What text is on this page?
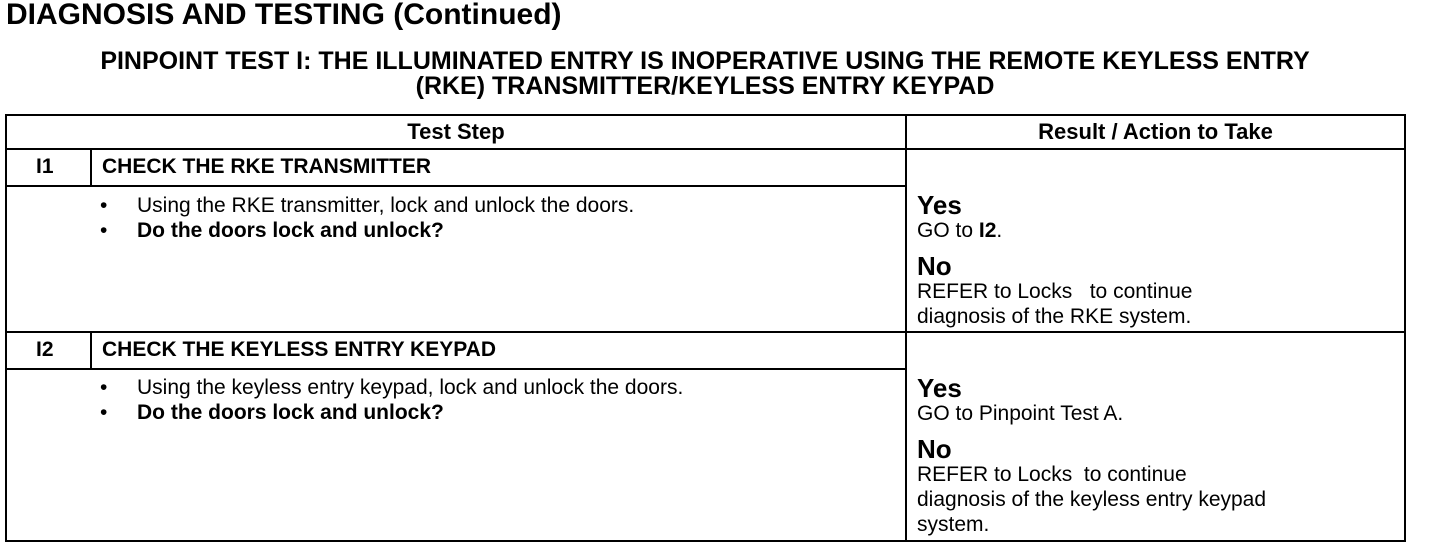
DIAGNOSIS AND TESTING (Continued)
PINPOINT TEST I: THE ILLUMINATED ENTRY IS INOPERATIVE USING THE REMOTE KEYLESS ENTRY
(RKE) TRANSMITTER/KEYLESS ENTRY KEYPAD
Test Step	Result / Action to Take
I1 CHECK THE RKE TRANSMITTER
• Using the RKE transmitter, lock and unlock the doors.
• Do the doors lock and unlock?
Yes
GO to I2.
No
REFER to Locks   to continue
diagnosis of the RKE system.
I2 CHECK THE KEYLESS ENTRY KEYPAD
• Using the keyless entry keypad, lock and unlock the doors.
• Do the doors lock and unlock?
Yes
GO to Pinpoint Test A.
No
REFER to Locks  to continue
diagnosis of the keyless entry keypad
system.
